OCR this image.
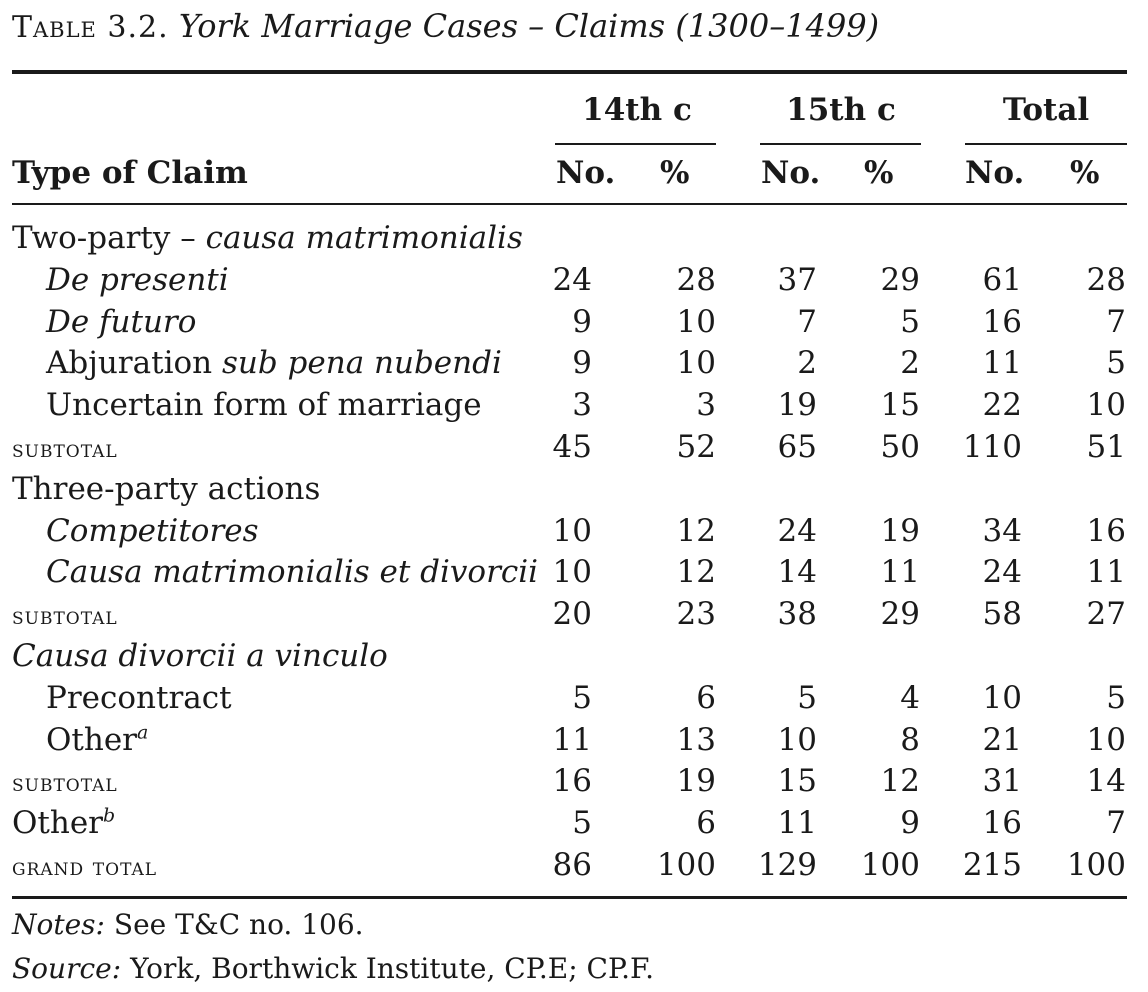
Table 3.2. York Marriage Cases – Claims (1300–1499)
14th c	15th c	Total
Type of Claim	No. % No. % No. %
Two-party – causa matrimonialis
De presenti	24	28	37	29	61	28
De futuro	9	10	7	5	16	7
Abjuration sub pena nubendi	9	10	2	2	11	5
Uncertain form of marriage	3	3	19	15	22	10
subtotal	45	52	65	50	110	51
Three-party actions
Competitores	10	12	24	19	34	16
Causa matrimonialis et divorcii 10	12	14	11	24	11
subtotal	20	23	38	29	58	27
Causa divorcii a vinculo
Precontract	5	6	5	4	10	5
Other$^a$	11	13	10	8	21	10
subtotal	16	19	15	12	31	14
Other$^b$	5	6	11	9	16	7
grand total	86	100	129	100	215	100
Notes: See T&C no. 106.
Source: York, Borthwick Institute, CP.E; CP.F.
